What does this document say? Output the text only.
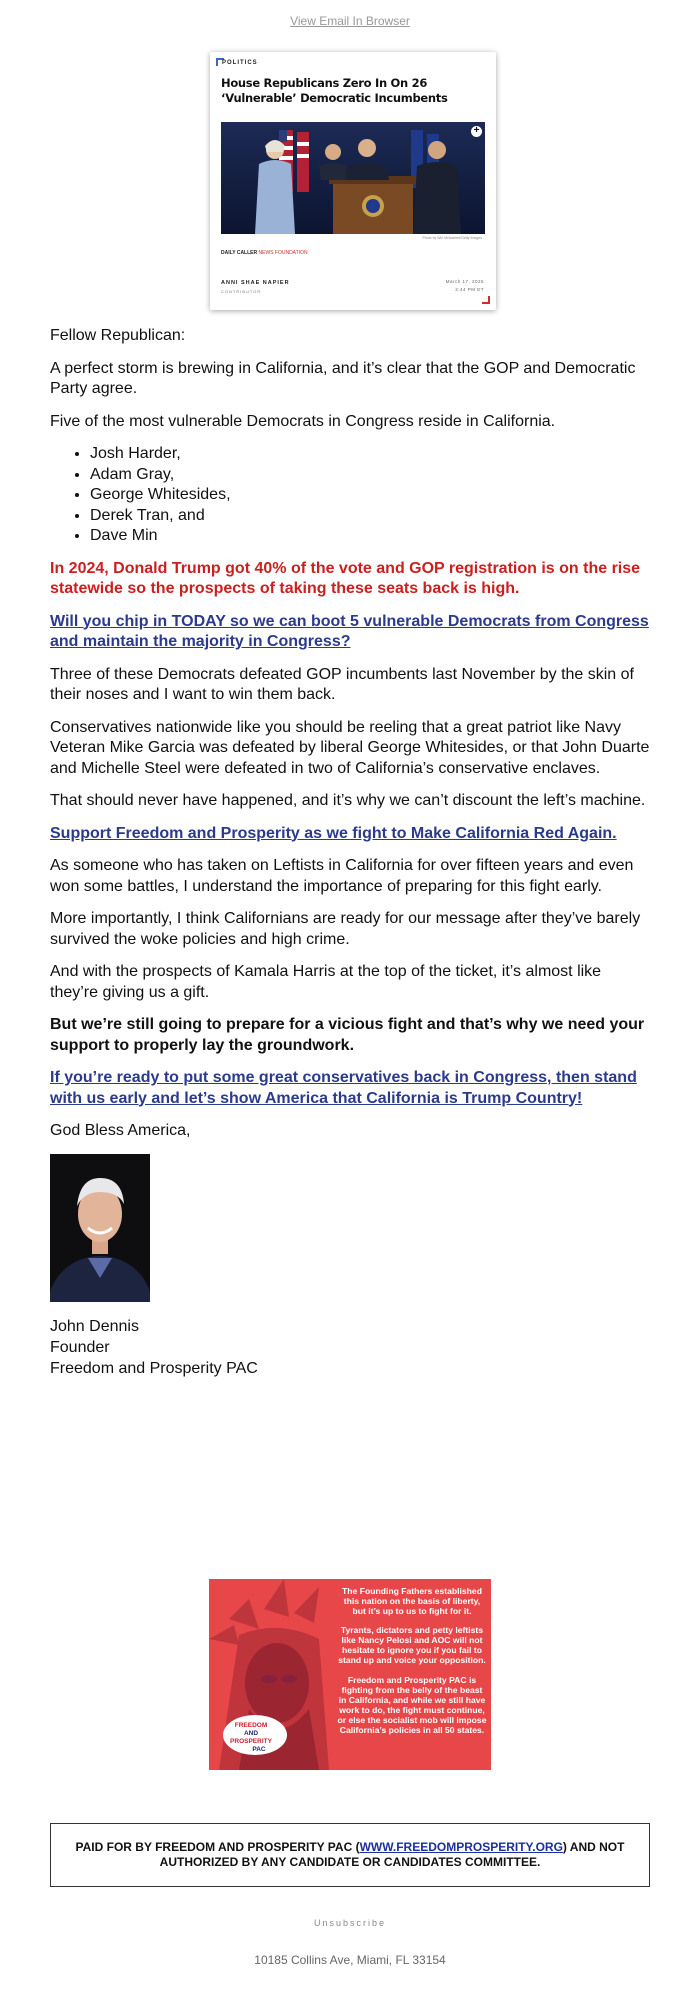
View Email In Browser
POLITICS
House Republicans Zero In On 26 ‘Vulnerable’ Democratic Incumbents
+
Photo by Win McNamee/Getty Images
DAILY CALLER NEWS FOUNDATION
ANNI SHAE NAPIER
CONTRIBUTOR
March 17, 2025
2:44 PM ET

Fellow Republican:

A perfect storm is brewing in California, and it’s clear that the GOP and Democratic Party agree.

Five of the most vulnerable Democrats in Congress reside in California.

• Josh Harder,
• Adam Gray,
• George Whitesides,
• Derek Tran, and
• Dave Min

In 2024, Donald Trump got 40% of the vote and GOP registration is on the rise statewide so the prospects of taking these seats back is high.

Will you chip in TODAY so we can boot 5 vulnerable Democrats from Congress and maintain the majority in Congress?

Three of these Democrats defeated GOP incumbents last November by the skin of their noses and I want to win them back.

Conservatives nationwide like you should be reeling that a great patriot like Navy Veteran Mike Garcia was defeated by liberal George Whitesides, or that John Duarte and Michelle Steel were defeated in two of California’s conservative enclaves.

That should never have happened, and it’s why we can’t discount the left’s machine.

Support Freedom and Prosperity as we fight to Make California Red Again.

As someone who has taken on Leftists in California for over fifteen years and even won some battles, I understand the importance of preparing for this fight early.

More importantly, I think Californians are ready for our message after they’ve barely survived the woke policies and high crime.

And with the prospects of Kamala Harris at the top of the ticket, it’s almost like they’re giving us a gift.

But we’re still going to prepare for a vicious fight and that’s why we need your support to properly lay the groundwork.

If you’re ready to put some great conservatives back in Congress, then stand with us early and let’s show America that California is Trump Country!

God Bless America,

John Dennis
Founder
Freedom and Prosperity PAC
FREEDOM
AND
PROSPERITY
PAC
The Founding Fathers established
this nation on the basis of liberty,
but it’s up to us to fight for it.
Tyrants, dictators and petty leftists
like Nancy Pelosi and AOC will not
hesitate to ignore you if you fail to
stand up and voice your opposition.
Freedom and Prosperity PAC is
fighting from the belly of the beast
in California, and while we still have
work to do, the fight must continue,
or else the socialist mob will impose
California’s policies in all 50 states.
PAID FOR BY FREEDOM AND PROSPERITY PAC (WWW.FREEDOMPROSPERITY.ORG) AND NOT AUTHORIZED BY ANY CANDIDATE OR CANDIDATES COMMITTEE.
Unsubscribe
10185 Collins Ave, Miami, FL 33154
